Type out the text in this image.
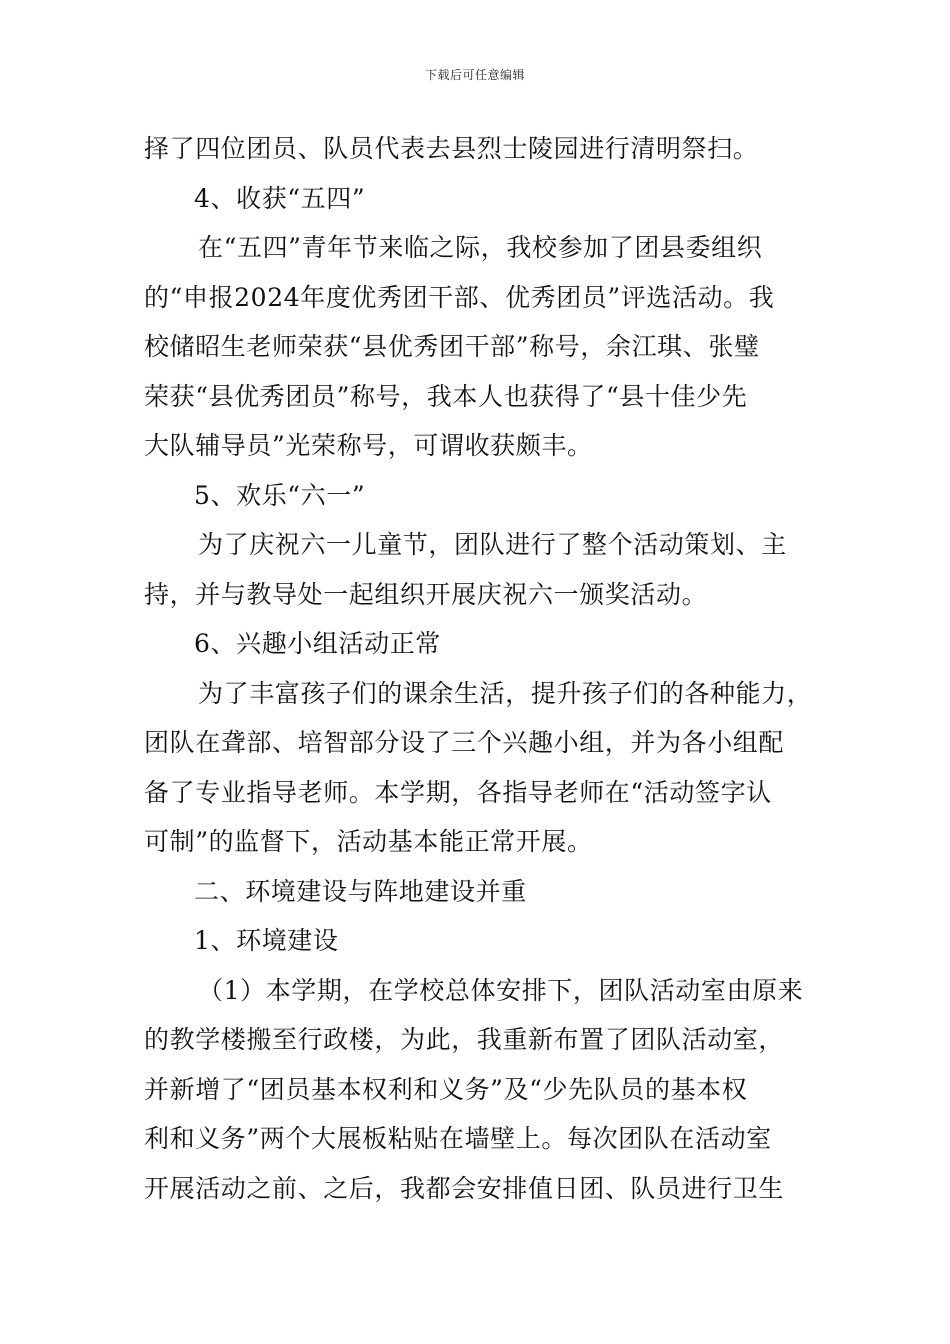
下载后可任意编辑
择了四位团员、队员代表去县烈士陵园进行清明祭扫。
4、收获“五四”
在“五四”青年节来临之际，我校参加了团县委组织
的“申报2024年度优秀团干部、优秀团员”评选活动。我
校储昭生老师荣获“县优秀团干部”称号，余江琪、张璧
荣获“县优秀团员”称号，我本人也获得了“县十佳少先
大队辅导员”光荣称号，可谓收获颇丰。
5、欢乐“六一”
为了庆祝六一儿童节，团队进行了整个活动策划、主
持，并与教导处一起组织开展庆祝六一颁奖活动。
6、兴趣小组活动正常
为了丰富孩子们的课余生活，提升孩子们的各种能力，
团队在聋部、培智部分设了三个兴趣小组，并为各小组配
备了专业指导老师。本学期，各指导老师在“活动签字认
可制”的监督下，活动基本能正常开展。
二、环境建设与阵地建设并重
1、环境建设
（1）本学期，在学校总体安排下，团队活动室由原来
的教学楼搬至行政楼，为此，我重新布置了团队活动室，
并新增了“团员基本权利和义务”及“少先队员的基本权
利和义务”两个大展板粘贴在墙壁上。每次团队在活动室
开展活动之前、之后，我都会安排值日团、队员进行卫生
